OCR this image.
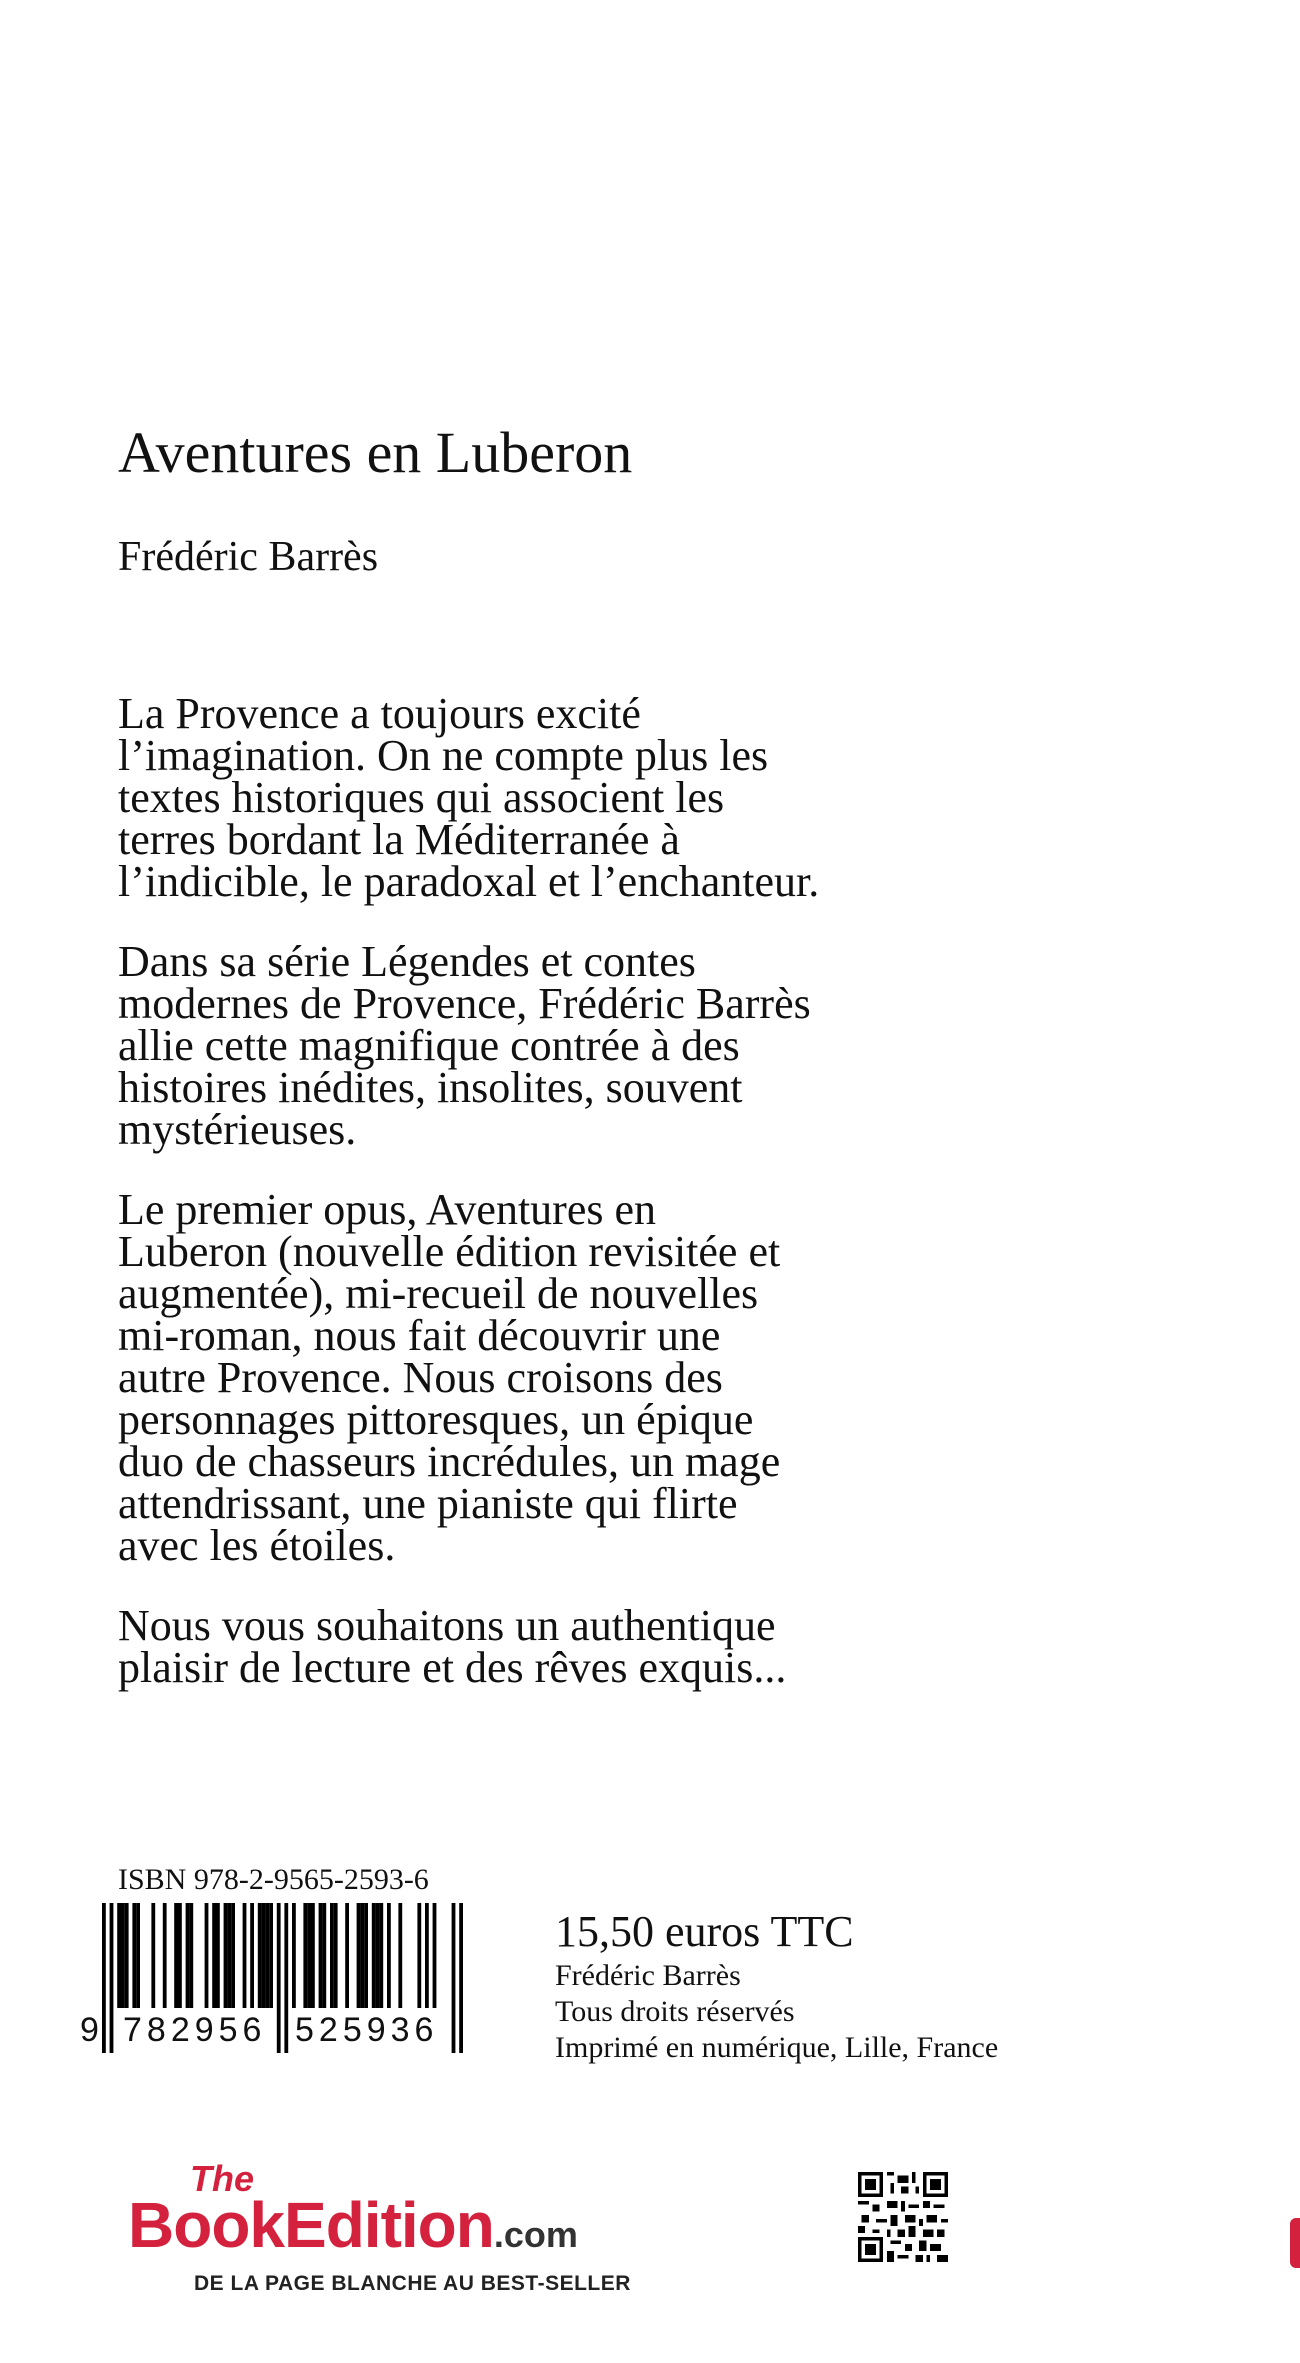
Aventures en Luberon
Frédéric Barrès

La Provence a toujours excité
l’imagination. On ne compte plus les
textes historiques qui associent les
terres bordant la Méditerranée à
l’indicible, le paradoxal et l’enchanteur.

Dans sa série Légendes et contes
modernes de Provence, Frédéric Barrès
allie cette magnifique contrée à des
histoires inédites, insolites, souvent
mystérieuses.

Le premier opus, Aventures en
Luberon (nouvelle édition revisitée et
augmentée), mi-recueil de nouvelles
mi-roman, nous fait découvrir une
autre Provence. Nous croisons des
personnages pittoresques, un épique
duo de chasseurs incrédules, un mage
attendrissant, une pianiste qui flirte
avec les étoiles.

Nous vous souhaitons un authentique
plaisir de lecture et des rêves exquis...

ISBN 978-2-9565-2593-6
9 782956 525936
15,50 euros TTC
Frédéric Barrès
Tous droits réservés
Imprimé en numérique, Lille, France
The
BookEdition.com
DE LA PAGE BLANCHE AU BEST-SELLER
